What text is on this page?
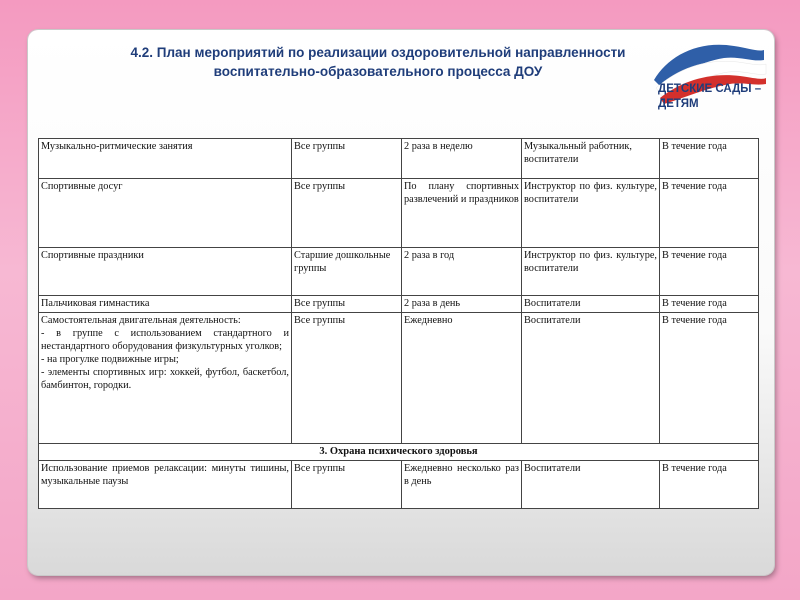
4.2. План мероприятий по реализации оздоровительной направленности
воспитательно-образовательного процесса ДОУ
ДЕТСКИЕ САДЫ –
ДЕТЯМ
Музыкально-ритмические занятия	Все группы	2 раза в неделю	Музыкальный работник, воспитатели	В течение года
Спортивные досуг	Все группы	По плану спортивных развлечений и праздников	Инструктор по физ. культуре, воспитатели	В течение года
Спортивные праздники	Старшие дошкольные группы	2 раза в год	Инструктор по физ. культуре, воспитатели	В течение года
Пальчиковая гимнастика	Все группы	2 раза в день	Воспитатели	В течение года

Самостоятельная двигательная деятельность:
- в группе с использованием стандартного и нестандартного оборудования физкультурных уголков;
- на прогулке подвижные игры;
- элементы спортивных игр: хоккей, футбол, баскетбол, бамбинтон, городки.	Все группы	Ежедневно	Воспитатели	В течение года
3. Охрана психического здоровья				
Использование приемов релаксации: минуты тишины, музыкальные паузы	Все группы	Ежедневно несколько раз в день	Воспитатели	В течение года
